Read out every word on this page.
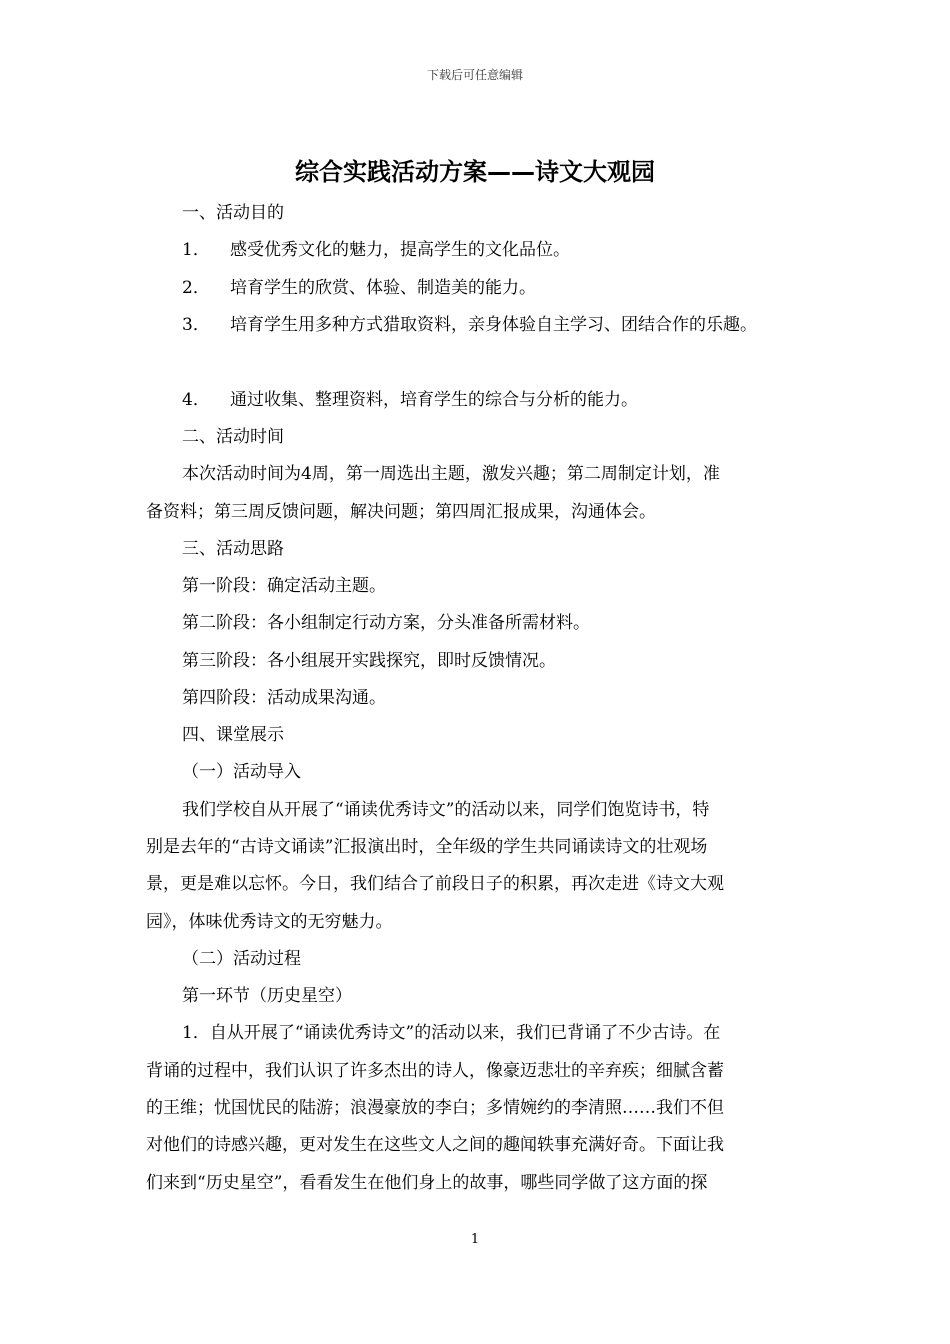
下载后可任意编辑
综合实践活动方案——诗文大观园
一、活动目的
1． 感受优秀文化的魅力，提高学生的文化品位。
2． 培育学生的欣赏、体验、制造美的能力。
3． 培育学生用多种方式猎取资料，亲身体验自主学习、团结合作的乐趣。
4． 通过收集、整理资料，培育学生的综合与分析的能力。
二、活动时间
本次活动时间为4周，第一周选出主题，激发兴趣；第二周制定计划，准
备资料；第三周反馈问题，解决问题；第四周汇报成果，沟通体会。
三、活动思路
第一阶段：确定活动主题。
第二阶段：各小组制定行动方案，分头准备所需材料。
第三阶段：各小组展开实践探究，即时反馈情况。
第四阶段：活动成果沟通。
四、课堂展示
（一）活动导入
我们学校自从开展了“诵读优秀诗文”的活动以来，同学们饱览诗书，特
别是去年的“古诗文诵读”汇报演出时，全年级的学生共同诵读诗文的壮观场
景，更是难以忘怀。今日，我们结合了前段日子的积累，再次走进《诗文大观
园》，体味优秀诗文的无穷魅力。
（二）活动过程
第一环节（历史星空）
1．自从开展了“诵读优秀诗文”的活动以来，我们已背诵了不少古诗。在
背诵的过程中，我们认识了许多杰出的诗人，像豪迈悲壮的辛弃疾；细腻含蓄
的王维；忧国忧民的陆游；浪漫豪放的李白；多情婉约的李清照……我们不但
对他们的诗感兴趣，更对发生在这些文人之间的趣闻轶事充满好奇。下面让我
们来到“历史星空”，看看发生在他们身上的故事，哪些同学做了这方面的探
1
